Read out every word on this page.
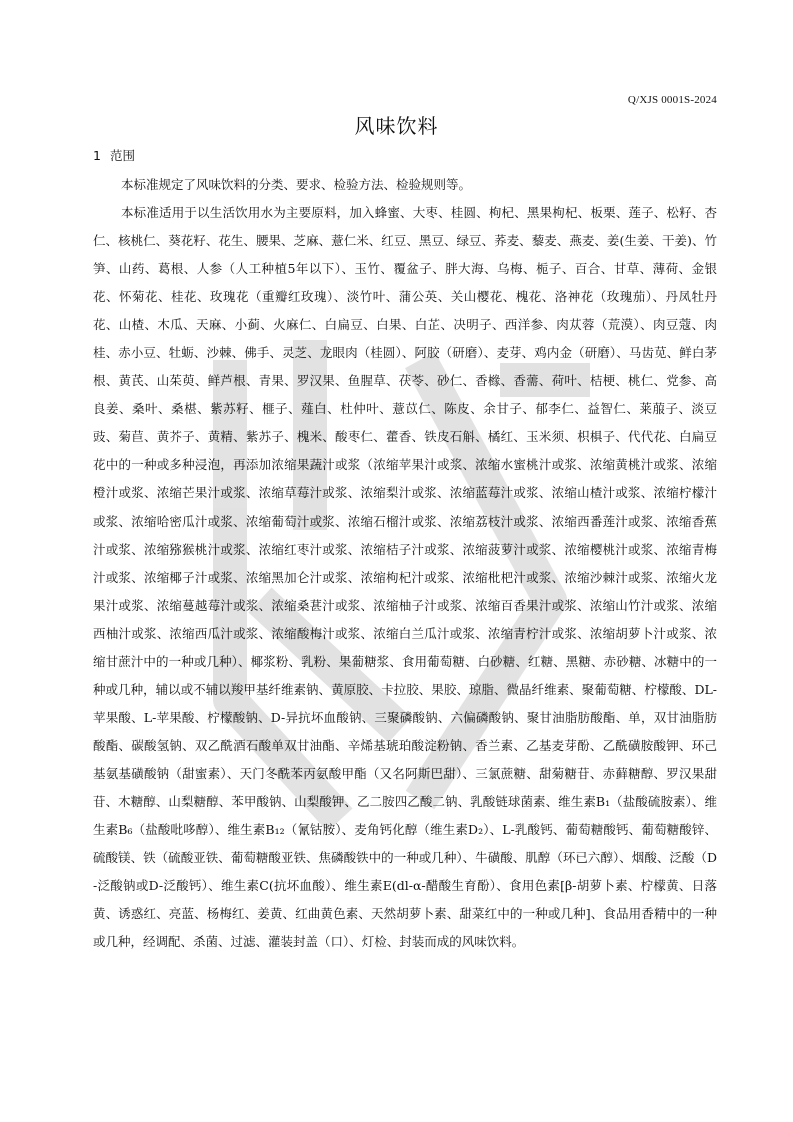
Q/XJS 0001S-2024
风味饮料
1 范围

本标准规定了风味饮料的分类、要求、检验方法、检验规则等。

本标准适用于以生活饮用水为主要原料，加入蜂蜜、大枣、桂圆、枸杞、黑果枸杞、板栗、莲子、松籽、杏仁、核桃仁、葵花籽、花生、腰果、芝麻、薏仁米、红豆、黑豆、绿豆、荞麦、藜麦、燕麦、姜(生姜、干姜)、竹笋、山药、葛根、人参（人工种植5年以下）、玉竹、覆盆子、胖大海、乌梅、栀子、百合、甘草、薄荷、金银花、怀菊花、桂花、玫瑰花（重瓣红玫瑰）、淡竹叶、蒲公英、关山樱花、槐花、洛神花（玫瑰茄）、丹凤牡丹花、山楂、木瓜、天麻、小蓟、火麻仁、白扁豆、白果、白芷、决明子、西洋参、肉苁蓉（荒漠）、肉豆蔻、肉桂、赤小豆、牡蛎、沙棘、佛手、灵芝、龙眼肉（桂圆）、阿胶（研磨）、麦芽、鸡内金（研磨）、马齿苋、鲜白茅根、黄芪、山茱萸、鲜芦根、青果、罗汉果、鱼腥草、茯苓、砂仁、香橼、香薷、荷叶、桔梗、桃仁、党参、高良姜、桑叶、桑椹、紫苏籽、榧子、薤白、杜仲叶、薏苡仁、陈皮、余甘子、郁李仁、益智仁、莱菔子、淡豆豉、菊苣、黄芥子、黄精、紫苏子、槐米、酸枣仁、藿香、铁皮石斛、橘红、玉米须、枳椇子、代代花、白扁豆花中的一种或多种浸泡，再添加浓缩果蔬汁或浆（浓缩苹果汁或浆、浓缩水蜜桃汁或浆、浓缩黄桃汁或浆、浓缩橙汁或浆、浓缩芒果汁或浆、浓缩草莓汁或浆、浓缩梨汁或浆、浓缩蓝莓汁或浆、浓缩山楂汁或浆、浓缩柠檬汁或浆、浓缩哈密瓜汁或浆、浓缩葡萄汁或浆、浓缩石榴汁或浆、浓缩荔枝汁或浆、浓缩西番莲汁或浆、浓缩香蕉汁或浆、浓缩猕猴桃汁或浆、浓缩红枣汁或浆、浓缩桔子汁或浆、浓缩菠萝汁或浆、浓缩樱桃汁或浆、浓缩青梅汁或浆、浓缩椰子汁或浆、浓缩黑加仑汁或浆、浓缩枸杞汁或浆、浓缩枇杷汁或浆、浓缩沙棘汁或浆、浓缩火龙果汁或浆、浓缩蔓越莓汁或浆、浓缩桑葚汁或浆、浓缩柚子汁或浆、浓缩百香果汁或浆、浓缩山竹汁或浆、浓缩西柚汁或浆、浓缩西瓜汁或浆、浓缩酸梅汁或浆、浓缩白兰瓜汁或浆、浓缩青柠汁或浆、浓缩胡萝卜汁或浆、浓缩甘蔗汁中的一种或几种）、椰浆粉、乳粉、果葡糖浆、食用葡萄糖、白砂糖、红糖、黑糖、赤砂糖、冰糖中的一种或几种，辅以或不辅以羧甲基纤维素钠、黄原胶、卡拉胶、果胶、琼脂、微晶纤维素、聚葡萄糖、柠檬酸、DL-苹果酸、L-苹果酸、柠檬酸钠、D-异抗坏血酸钠、三聚磷酸钠、六偏磷酸钠、聚甘油脂肪酸酯、单，双甘油脂肪酸酯、碳酸氢钠、双乙酰酒石酸单双甘油酯、辛烯基琥珀酸淀粉钠、香兰素、乙基麦芽酚、乙酰磺胺酸钾、环己基氨基磺酸钠（甜蜜素）、天门冬酰苯丙氨酸甲酯（又名阿斯巴甜）、三氯蔗糖、甜菊糖苷、赤藓糖醇、罗汉果甜苷、木糖醇、山梨糖醇、苯甲酸钠、山梨酸钾、乙二胺四乙酸二钠、乳酸链球菌素、维生素B₁（盐酸硫胺素）、维生素B₆（盐酸吡哆醇）、维生素B₁₂（氰钴胺）、麦角钙化醇（维生素D₂）、L-乳酸钙、葡萄糖酸钙、葡萄糖酸锌、硫酸镁、铁（硫酸亚铁、葡萄糖酸亚铁、焦磷酸铁中的一种或几种）、牛磺酸、肌醇（环已六醇）、烟酸、泛酸（D-泛酸钠或D-泛酸钙）、维生素C(抗坏血酸）、维生素E(dl-α-醋酸生育酚）、食用色素[β-胡萝卜素、柠檬黄、日落黄、诱惑红、亮蓝、杨梅红、姜黄、红曲黄色素、天然胡萝卜素、甜菜红中的一种或几种]、食品用香精中的一种或几种，经调配、杀菌、过滤、灌装封盖（口）、灯检、封装而成的风味饮料。
